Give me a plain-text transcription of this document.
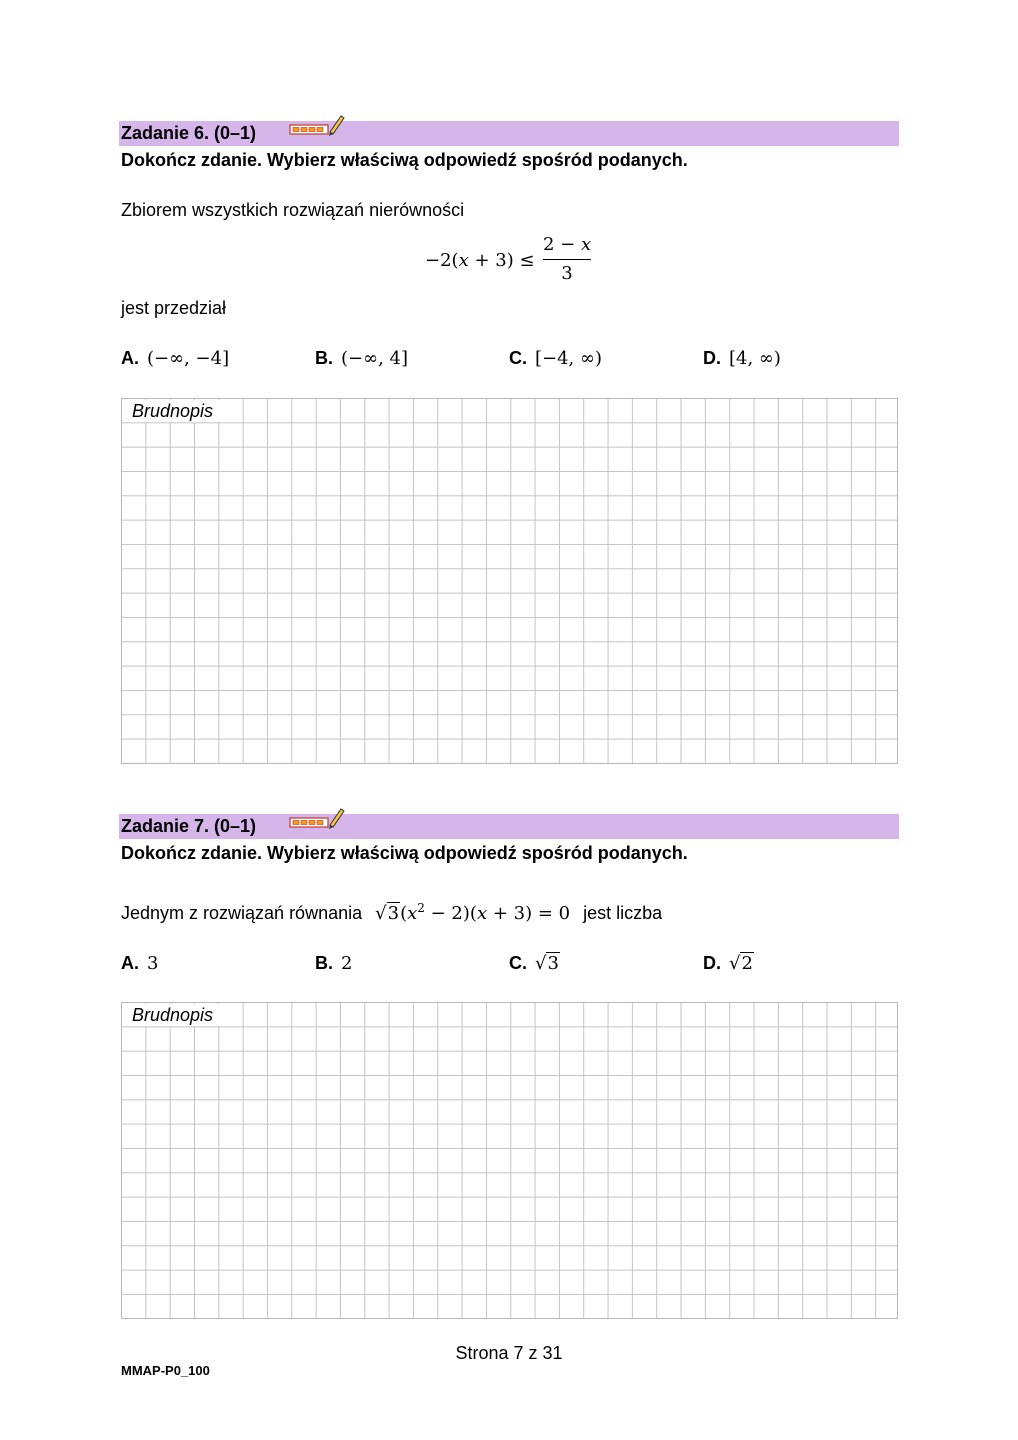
Zadanie 6. (0–1)
Dokończ zdanie. Wybierz właściwą odpowiedź spośród podanych.
Zbiorem wszystkich rozwiązań nierówności
−2(x + 3) ≤
2 − x
3
jest przedział
A. (−∞, −4]	B. (−∞, 4]	C. [−4, ∞)	D. [4, ∞)
Brudnopis
Zadanie 7. (0–1)
Dokończ zdanie. Wybierz właściwą odpowiedź spośród podanych.
Jednym z rozwiązań równania $√3(x^2 - 2)(x + 3) = 0$ jest liczba
A. 3	B. 2	C. √3	D. √2
Brudnopis
Strona 7 z 31
MMAP-P0_100
